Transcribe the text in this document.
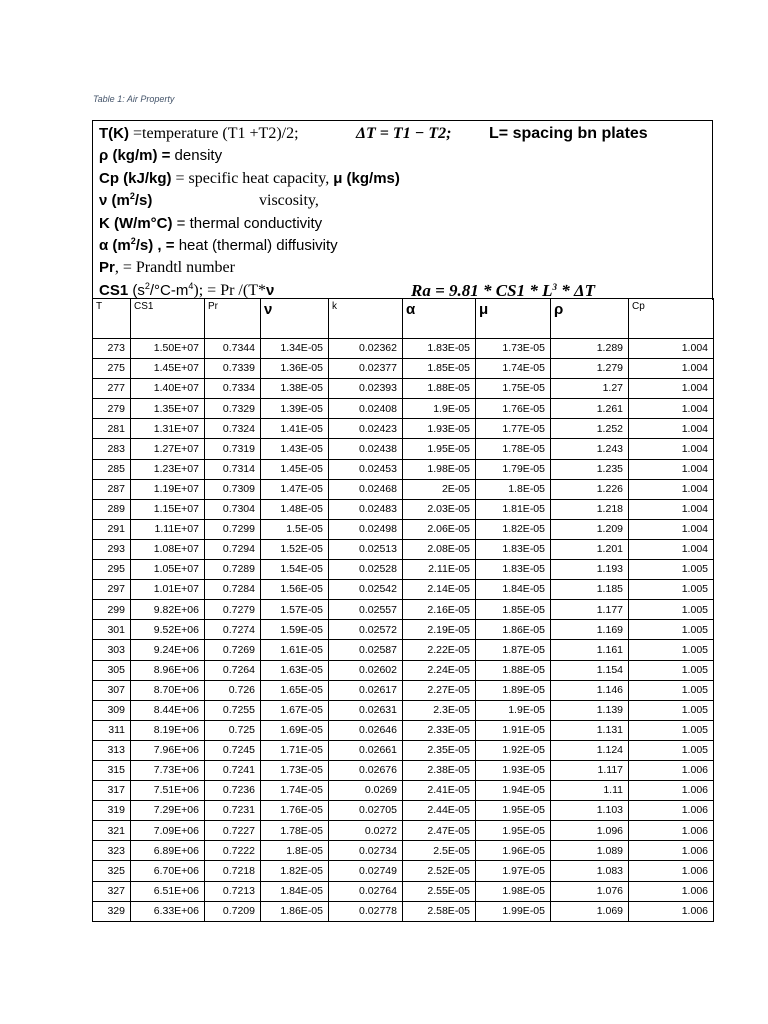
Table 1: Air Property
T(K) =temperature (T1 +T2)/2;	ΔT = T1 − T2; L= spacing bn plates
ρ (kg/m) = density
Cp (kJ/kg) = specific heat capacity, μ (kg/ms)
ν $(m^2/s)$	viscosity,
K (W/m°C) = thermal conductivity
α $(m^2/s)$ , = heat (thermal) diffusivity
Pr, = Prandtl number
CS1 $(s^2/^\circ C-m^4)$; = Pr /(T*ν	$Ra = 9.81 * CS1 * L^3 * \Delta T$
T	CS1	Pr	ν	k	α	μ	ρ	Cp
273	1.50E+07	0.7344	1.34E-05	0.02362	1.83E-05	1.73E-05	1.289	1.004
275	1.45E+07	0.7339	1.36E-05	0.02377	1.85E-05	1.74E-05	1.279	1.004
277	1.40E+07	0.7334	1.38E-05	0.02393	1.88E-05	1.75E-05	1.27	1.004
279	1.35E+07	0.7329	1.39E-05	0.02408	1.9E-05	1.76E-05	1.261	1.004
281	1.31E+07	0.7324	1.41E-05	0.02423	1.93E-05	1.77E-05	1.252	1.004
283	1.27E+07	0.7319	1.43E-05	0.02438	1.95E-05	1.78E-05	1.243	1.004
285	1.23E+07	0.7314	1.45E-05	0.02453	1.98E-05	1.79E-05	1.235	1.004
287	1.19E+07	0.7309	1.47E-05	0.02468	2E-05	1.8E-05	1.226	1.004
289	1.15E+07	0.7304	1.48E-05	0.02483	2.03E-05	1.81E-05	1.218	1.004
291	1.11E+07	0.7299	1.5E-05	0.02498	2.06E-05	1.82E-05	1.209	1.004
293	1.08E+07	0.7294	1.52E-05	0.02513	2.08E-05	1.83E-05	1.201	1.004
295	1.05E+07	0.7289	1.54E-05	0.02528	2.11E-05	1.83E-05	1.193	1.005
297	1.01E+07	0.7284	1.56E-05	0.02542	2.14E-05	1.84E-05	1.185	1.005
299	9.82E+06	0.7279	1.57E-05	0.02557	2.16E-05	1.85E-05	1.177	1.005
301	9.52E+06	0.7274	1.59E-05	0.02572	2.19E-05	1.86E-05	1.169	1.005
303	9.24E+06	0.7269	1.61E-05	0.02587	2.22E-05	1.87E-05	1.161	1.005
305	8.96E+06	0.7264	1.63E-05	0.02602	2.24E-05	1.88E-05	1.154	1.005
307	8.70E+06	0.726	1.65E-05	0.02617	2.27E-05	1.89E-05	1.146	1.005
309	8.44E+06	0.7255	1.67E-05	0.02631	2.3E-05	1.9E-05	1.139	1.005
311	8.19E+06	0.725	1.69E-05	0.02646	2.33E-05	1.91E-05	1.131	1.005
313	7.96E+06	0.7245	1.71E-05	0.02661	2.35E-05	1.92E-05	1.124	1.005
315	7.73E+06	0.7241	1.73E-05	0.02676	2.38E-05	1.93E-05	1.117	1.006
317	7.51E+06	0.7236	1.74E-05	0.0269	2.41E-05	1.94E-05	1.11	1.006
319	7.29E+06	0.7231	1.76E-05	0.02705	2.44E-05	1.95E-05	1.103	1.006
321	7.09E+06	0.7227	1.78E-05	0.0272	2.47E-05	1.95E-05	1.096	1.006
323	6.89E+06	0.7222	1.8E-05	0.02734	2.5E-05	1.96E-05	1.089	1.006
325	6.70E+06	0.7218	1.82E-05	0.02749	2.52E-05	1.97E-05	1.083	1.006
327	6.51E+06	0.7213	1.84E-05	0.02764	2.55E-05	1.98E-05	1.076	1.006
329	6.33E+06	0.7209	1.86E-05	0.02778	2.58E-05	1.99E-05	1.069	1.006
